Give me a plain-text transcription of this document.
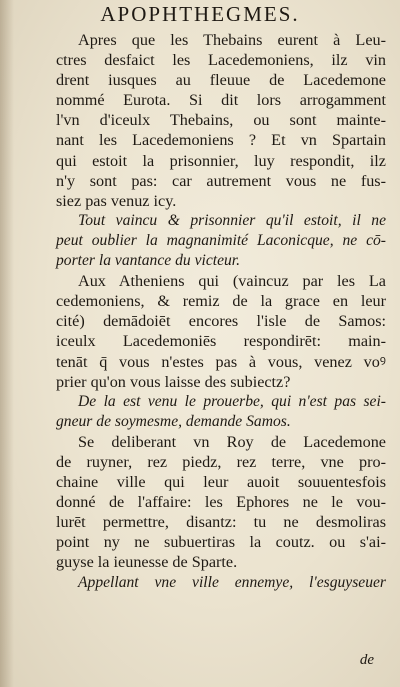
APOPHTHEGMES.
Apres que les Thebains eurent à Leu-
ctres desfaict les Lacedemoniens, ilz vin
drent iusques au fleuue de Lacedemone
nommé Eurota. Si dit lors arrogamment
l'vn d'iceulx Thebains, ou sont mainte-
nant les Lacedemoniens ? Et vn Spartain
qui estoit la prisonnier, luy respondit, ilz
n'y sont pas: car autrement vous ne fus-
siez pas venuz icy.
Tout vaincu & prisonnier qu'il estoit, il ne
peut oublier la magnanimité Laconicque, ne cō-
porter la vantance du victeur.
Aux Atheniens qui (vaincuz par les La
cedemoniens, & remiz de la grace en leur
cité) demādoiēt encores l'isle de Samos:
iceulx Lacedemoniēs respondirēt: main-
tenāt q̄ vous n'estes pas à vous, venez voꝰ
prier qu'on vous laisse des subiectz?
De la est venu le prouerbe, qui n'est pas sei-
gneur de soymesme, demande Samos.
Se deliberant vn Roy de Lacedemone
de ruyner, rez piedz, rez terre, vne pro-
chaine ville qui leur auoit souuentesfois
donné de l'affaire: les Ephores ne le vou-
lurēt permettre, disantz: tu ne desmoliras
point ny ne subuertiras la coutz. ou s'ai-
guyse la ieunesse de Sparte.
Appellant vne ville ennemye, l'esguyseuer
de
